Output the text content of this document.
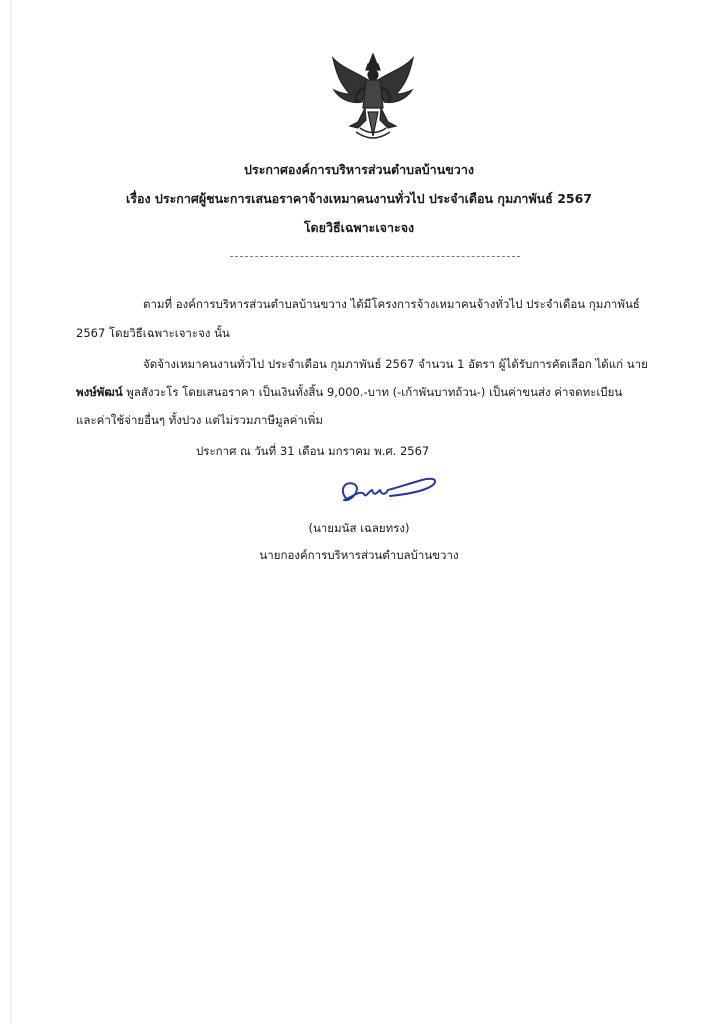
ประกาศองค์การบริหารส่วนตำบลบ้านขวาง
เรื่อง ประกาศผู้ชนะการเสนอราคาจ้างเหมาคนงานทั่วไป ประจำเดือน กุมภาพันธ์ 2567
โดยวิธีเฉพาะเจาะจง
ตามที่ องค์การบริหารส่วนตำบลบ้านขวาง ได้มีโครงการจ้างเหมาคนจ้างทั่วไป ประจำเดือน กุมภาพันธ์
2567 โดยวิธีเฉพาะเจาะจง นั้น
จัดจ้างเหมาคนงานทั่วไป ประจำเดือน กุมภาพันธ์ 2567 จำนวน 1 อัตรา ผู้ได้รับการคัดเลือก ได้แก่ นาย
พงษ์พัฒน์ พูลสังวะโร โดยเสนอราคา เป็นเงินทั้งสิ้น 9,000.-บาท (-เก้าพันบาทถ้วน-) เป็นค่าขนส่ง ค่าจดทะเบียน
และค่าใช้จ่ายอื่นๆ ทั้งปวง แต่ไม่รวมภาษีมูลค่าเพิ่ม
ประกาศ ณ วันที่ 31 เดือน มกราคม พ.ศ. 2567
(นายมนัส เฉลยทรง)
นายกองค์การบริหารส่วนตำบลบ้านขวาง
